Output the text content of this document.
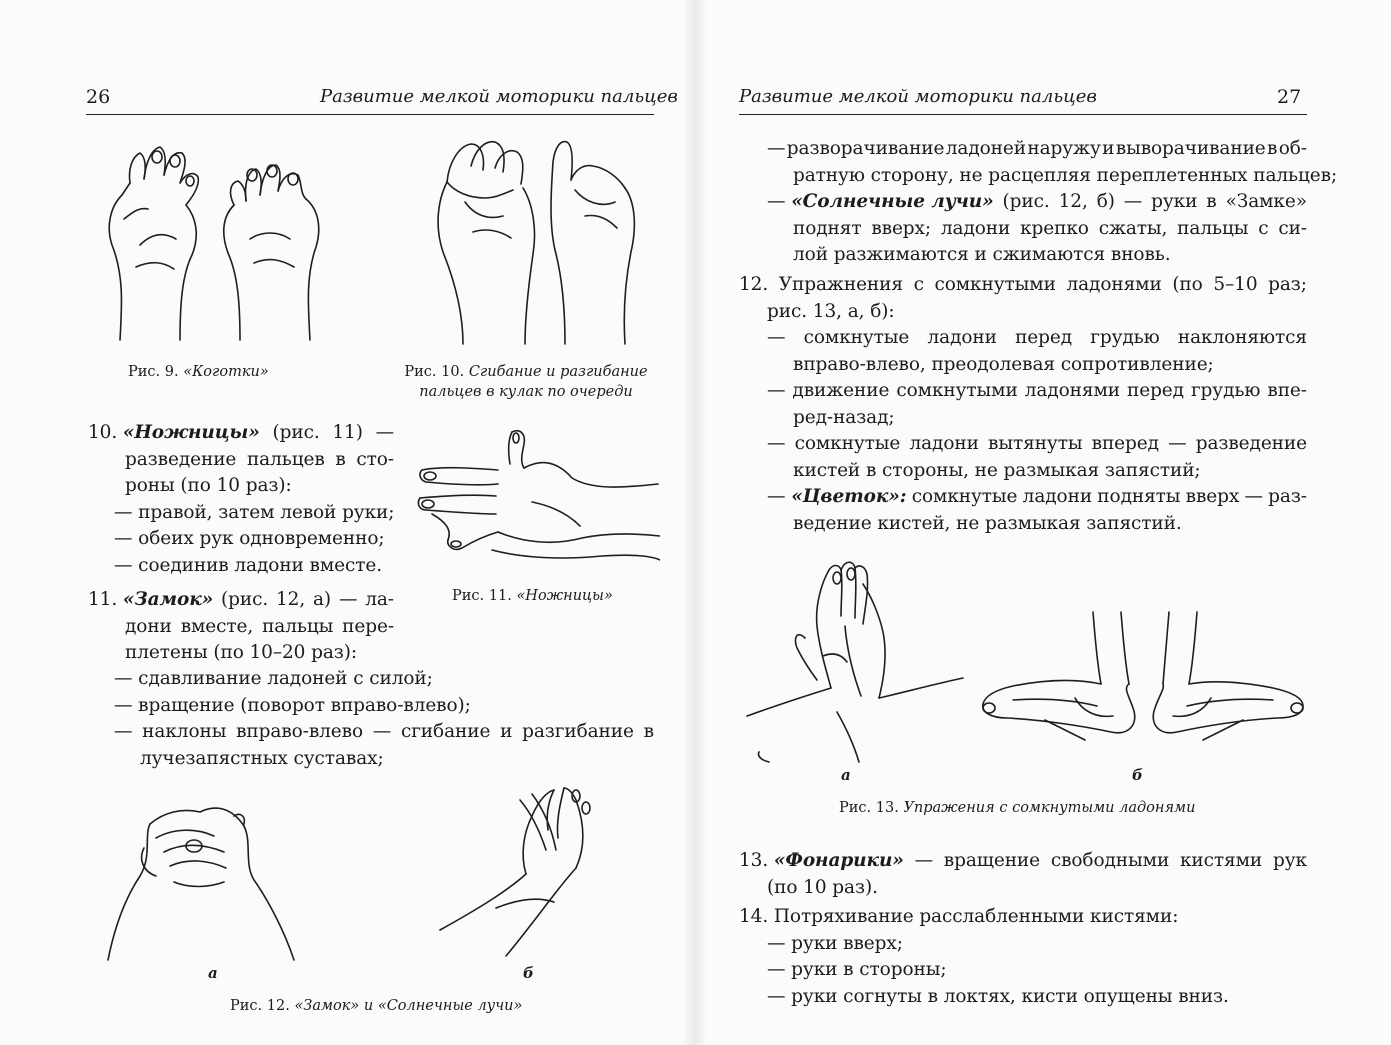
26	Развитие мелкой моторики пальцев
Рис. 9. «Коготки»	Рис. 10. Сгибание и разгибание
пальцев в кулак по очереди
10. «Ножницы» (рис. 11) —
разведение пальцев в сто-
роны (по 10 раз):
— правой, затем левой руки;
— обеих рук одновременно;
— соединив ладони вместе.
Рис. 11. «Ножницы»
11. «Замок» (рис. 12, а) — ла-
дони вместе, пальцы пере-
плетены (по 10–20 раз):
— сдавливание ладоней с силой;
— вращение (поворот вправо-влево);
— наклоны вправо-влево — сгибание и разгибание в
лучезапястных суставах;
а	б
Рис. 12. «Замок» и «Солнечные лучи»
Развитие мелкой моторики пальцев	27
— разворачивание ладоней наружу и выворачивание в об-
ратную сторону, не расцепляя переплетенных пальцев;
— «Солнечные лучи» (рис. 12, б) — руки в «Замке»
поднят вверх; ладони крепко сжаты, пальцы с си-
лой разжимаются и сжимаются вновь.
12. Упражнения с сомкнутыми ладонями (по 5–10 раз;
рис. 13, а, б):
— сомкнутые ладони перед грудью наклоняются
вправо-влево, преодолевая сопротивление;
— движение сомкнутыми ладонями перед грудью впе-
ред-назад;
— сомкнутые ладони вытянуты вперед — разведение
кистей в стороны, не размыкая запястий;
— «Цветок»: сомкнутые ладони подняты вверх — раз-
ведение кистей, не размыкая запястий.
а	б
Рис. 13. Упражения с сомкнутыми ладонями
13. «Фонарики» — вращение свободными кистями рук
(по 10 раз).
14. Потряхивание расслабленными кистями:
— руки вверх;
— руки в стороны;
— руки согнуты в локтях, кисти опущены вниз.
